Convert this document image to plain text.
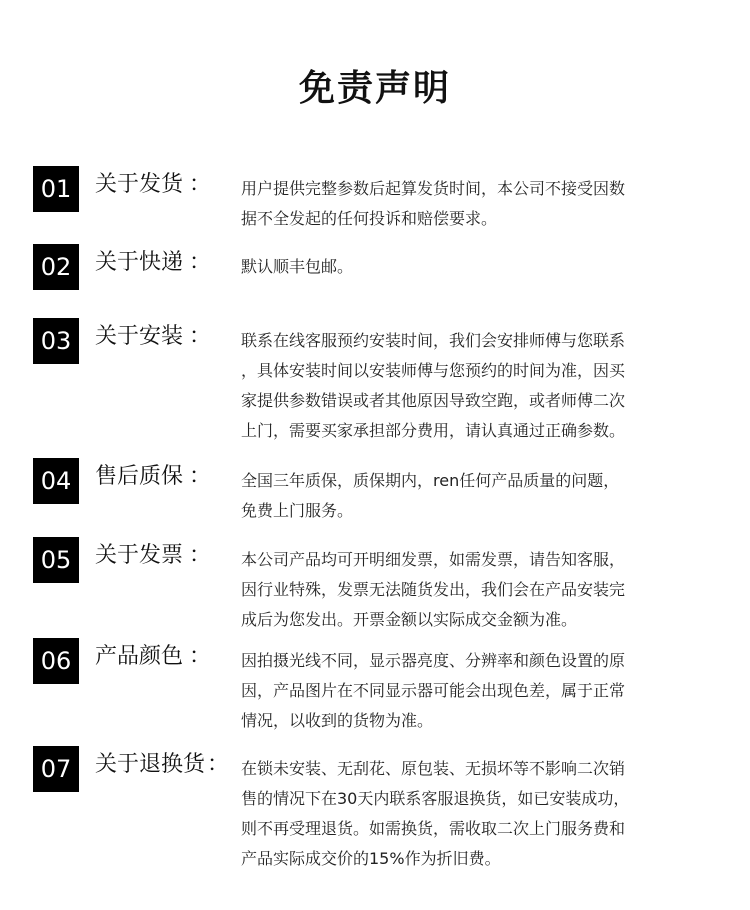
免责声明
01	关于发货 ： 用户提供完整参数后起算发货时间，本公司不接受因数
据不全发起的任何投诉和赔偿要求。
02	关于快递 ： 默认顺丰包邮。
03	关于安装 ： 联系在线客服预约安装时间，我们会安排师傅与您联系
，具体安装时间以安装师傅与您预约的时间为准，因买
家提供参数错误或者其他原因导致空跑，或者师傅二次
上门，需要买家承担部分费用，请认真通过正确参数。
04	售后质保 ： 全国三年质保，质保期内，ren任何产品质量的问题，
免费上门服务。
05	关于发票 ： 本公司产品均可开明细发票，如需发票，请告知客服，
因行业特殊，发票无法随货发出，我们会在产品安装完
成后为您发出。开票金额以实际成交金额为准。
06	产品颜色 ： 因拍摄光线不同，显示器亮度、分辨率和颜色设置的原
因，产品图片在不同显示器可能会出现色差，属于正常
情况，以收到的货物为准。
07	关于退换货： 在锁未安装、无刮花、原包装、无损坏等不影响二次销
售的情况下在30天内联系客服退换货，如已安装成功，
则不再受理退货。如需换货，需收取二次上门服务费和
产品实际成交价的15%作为折旧费。
